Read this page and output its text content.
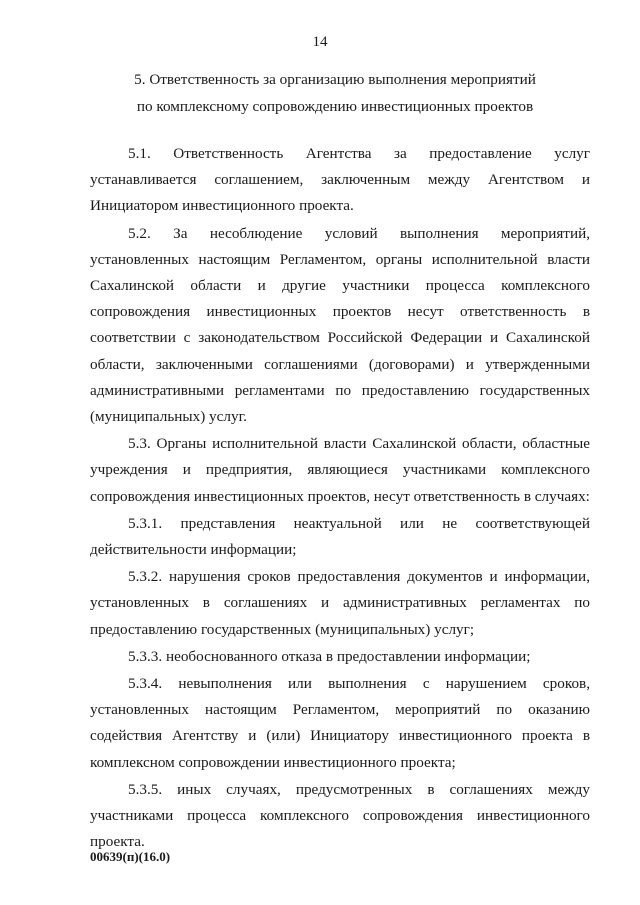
14
5. Ответственность за организацию выполнения мероприятий
по комплексному сопровождению инвестиционных проектов

5.1. Ответственность Агентства за предоставление услуг устанавливается соглашением, заключенным между Агентством и Инициатором инвестиционного проекта.

5.2. За несоблюдение условий выполнения мероприятий, установленных настоящим Регламентом, органы исполнительной власти Сахалинской области и другие участники процесса комплексного сопровождения инвестиционных проектов несут ответственность в соответствии с законодательством Российской Федерации и Сахалинской области, заключенными соглашениями (договорами) и утвержденными административными регламентами по предоставлению государственных (муниципальных) услуг.

5.3. Органы исполнительной власти Сахалинской области, областные учреждения и предприятия, являющиеся участниками комплексного сопровождения инвестиционных проектов, несут ответственность в случаях:

5.3.1. представления неактуальной или не соответствующей действительности информации;

5.3.2. нарушения сроков предоставления документов и информации, установленных в соглашениях и административных регламентах по предоставлению государственных (муниципальных) услуг;

5.3.3. необоснованного отказа в предоставлении информации;

5.3.4. невыполнения или выполнения с нарушением сроков, установленных настоящим Регламентом, мероприятий по оказанию содействия Агентству и (или) Инициатору инвестиционного проекта в комплексном сопровождении инвестиционного проекта;

5.3.5. иных случаях, предусмотренных в соглашениях между участниками процесса комплексного сопровождения инвестиционного проекта.

00639(п)(16.0)
